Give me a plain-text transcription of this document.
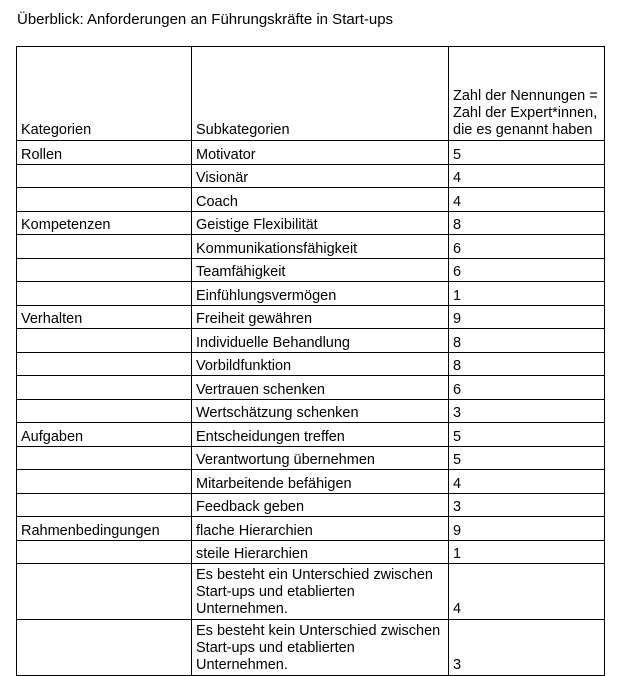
Überblick: Anforderungen an Führungskräfte in Start-ups
Kategorien	Subkategorien	Zahl der Nennungen = Zahl der Expert*innen, die es genannt haben
Rollen	Motivator	5
	Visionär	4
	Coach	4
Kompetenzen	Geistige Flexibilität	8
	Kommunikationsfähigkeit	6
	Teamfähigkeit	6
	Einfühlungsvermögen	1
Verhalten	Freiheit gewähren	9
	Individuelle Behandlung	8
	Vorbildfunktion	8
	Vertrauen schenken	6
	Wertschätzung schenken	3
Aufgaben	Entscheidungen treffen	5
	Verantwortung übernehmen	5
	Mitarbeitende befähigen	4
	Feedback geben	3
Rahmenbedingungen	flache Hierarchien	9
	steile Hierarchien	1
	Es besteht ein Unterschied zwischen Start-ups und etablierten Unternehmen.	4
	Es besteht kein Unterschied zwischen Start-ups und etablierten Unternehmen.	3
